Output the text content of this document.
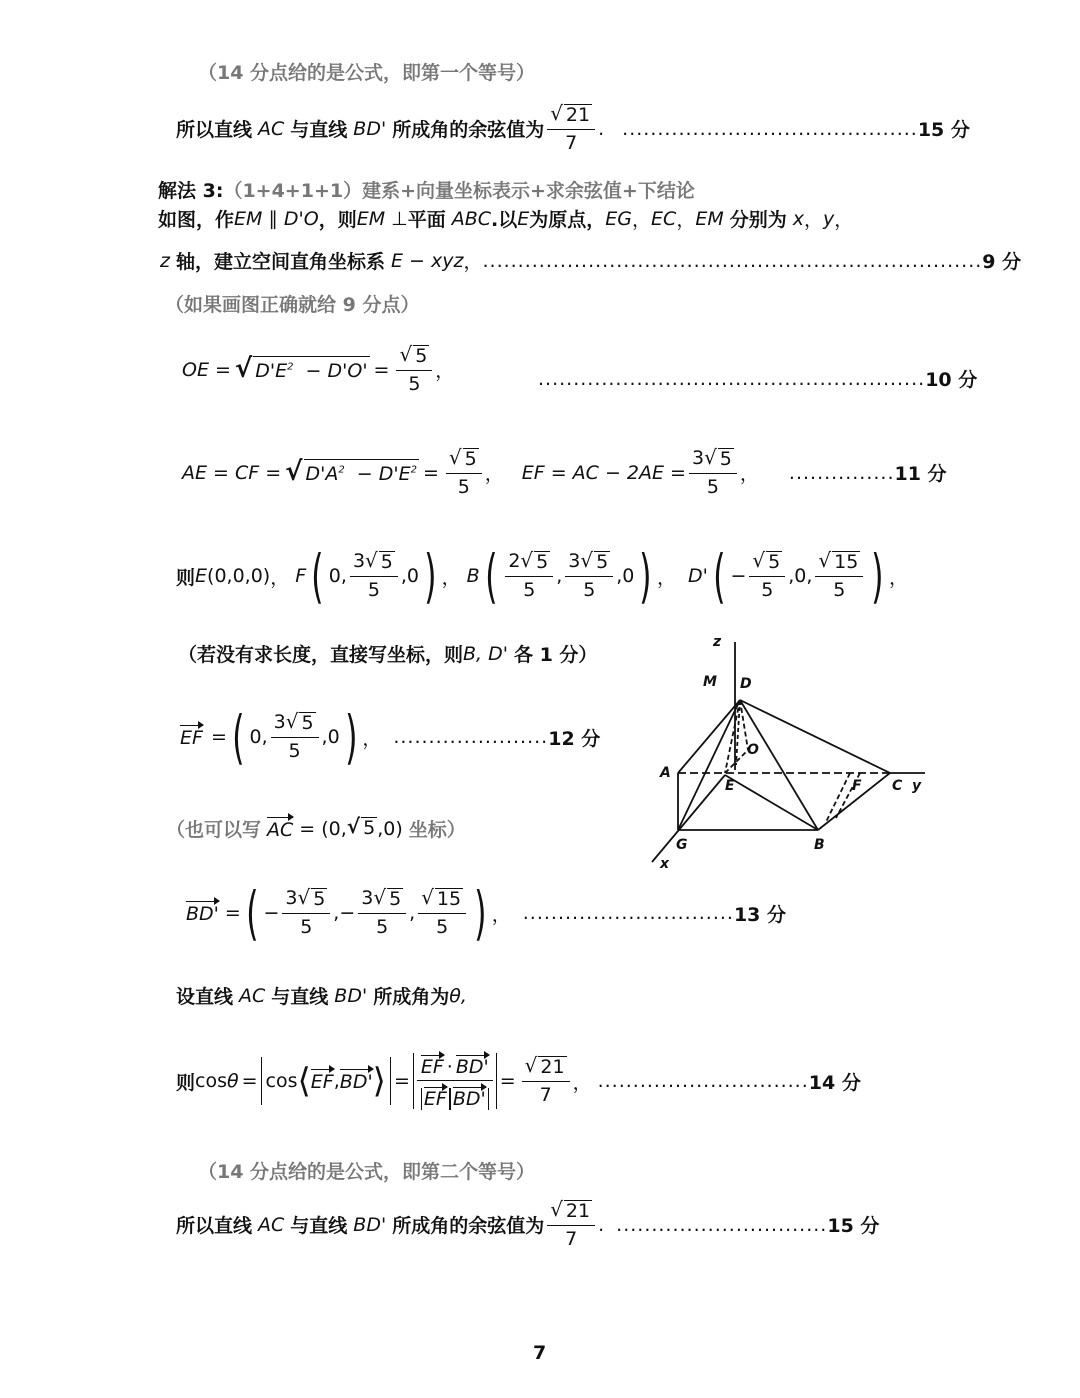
（14 分点给的是公式，即第一个等号）
所以直线 AC 与直线 BD' 所成角的余弦值为 $\frac{√ 21}{7}$ . .......................................... 15 分
解法 3: （1+4+1+1）建系+向量坐标表示+求余弦值+下结论
如图，作 EM ∥ D'O ，则 EM ⊥ 平面 ABC .以 E 为原点， EG ， EC ， EM 分别为 x ， y ，
z 轴，建立空间直角坐标系 E − xyz ， ....................................................................... 9 分
（如果画图正确就给 9 分点）
OE = √ $D'E^2 - D'O' = \frac{√ 5}{5}$ ，	....................................................... 10 分
AE = CF = √ $D'A^2 - D'E^2 = \frac{√ 5}{5}$ ， EF = AC − $2AE = \frac{3 √ 5}{5}$ ， ............... 11 分
则 E (0,0,0) ， F ( 0, $\frac{3 √ 5}{5} ,0$ ) ， B ( $\frac{2 √ 5}{5}$ , $\frac{3 √ 5}{5} ,0$ ) ， D' ( − $\frac{√ 5}{5} ,0$, $\frac{√ 15}{5}$ ) ，
（若没有求长度，直接写坐标，则 B, D' 各 1 分）
EF = ( 0, $\frac{3 √ 5}{5} ,0$ ) ， ...................... 12 分
（也可以写 AC = (0, √ 5 ,0) 坐标）
BD' = ( − $\frac{3 √ 5}{5}$ ,− $\frac{3 √ 5}{5}$ , $\frac{√ 15}{5}$ ) ， .............................. 13 分
设直线 AC 与直线 BD' 所成角为 θ,
则 cos θ = cos ⟨ EF , BD' ⟩ = $\frac{EF \cdot BD'}{\text{EF BD'}} = \frac{√ 21}{7}$ ， .............................. 14 分
（14 分点给的是公式，即第二个等号）
所以直线 AC 与直线 BD' 所成角的余弦值为 $\frac{√ 21}{7}$ . .............................. 15 分
z
M D
O
A
E	F C y
G	B
x
7
